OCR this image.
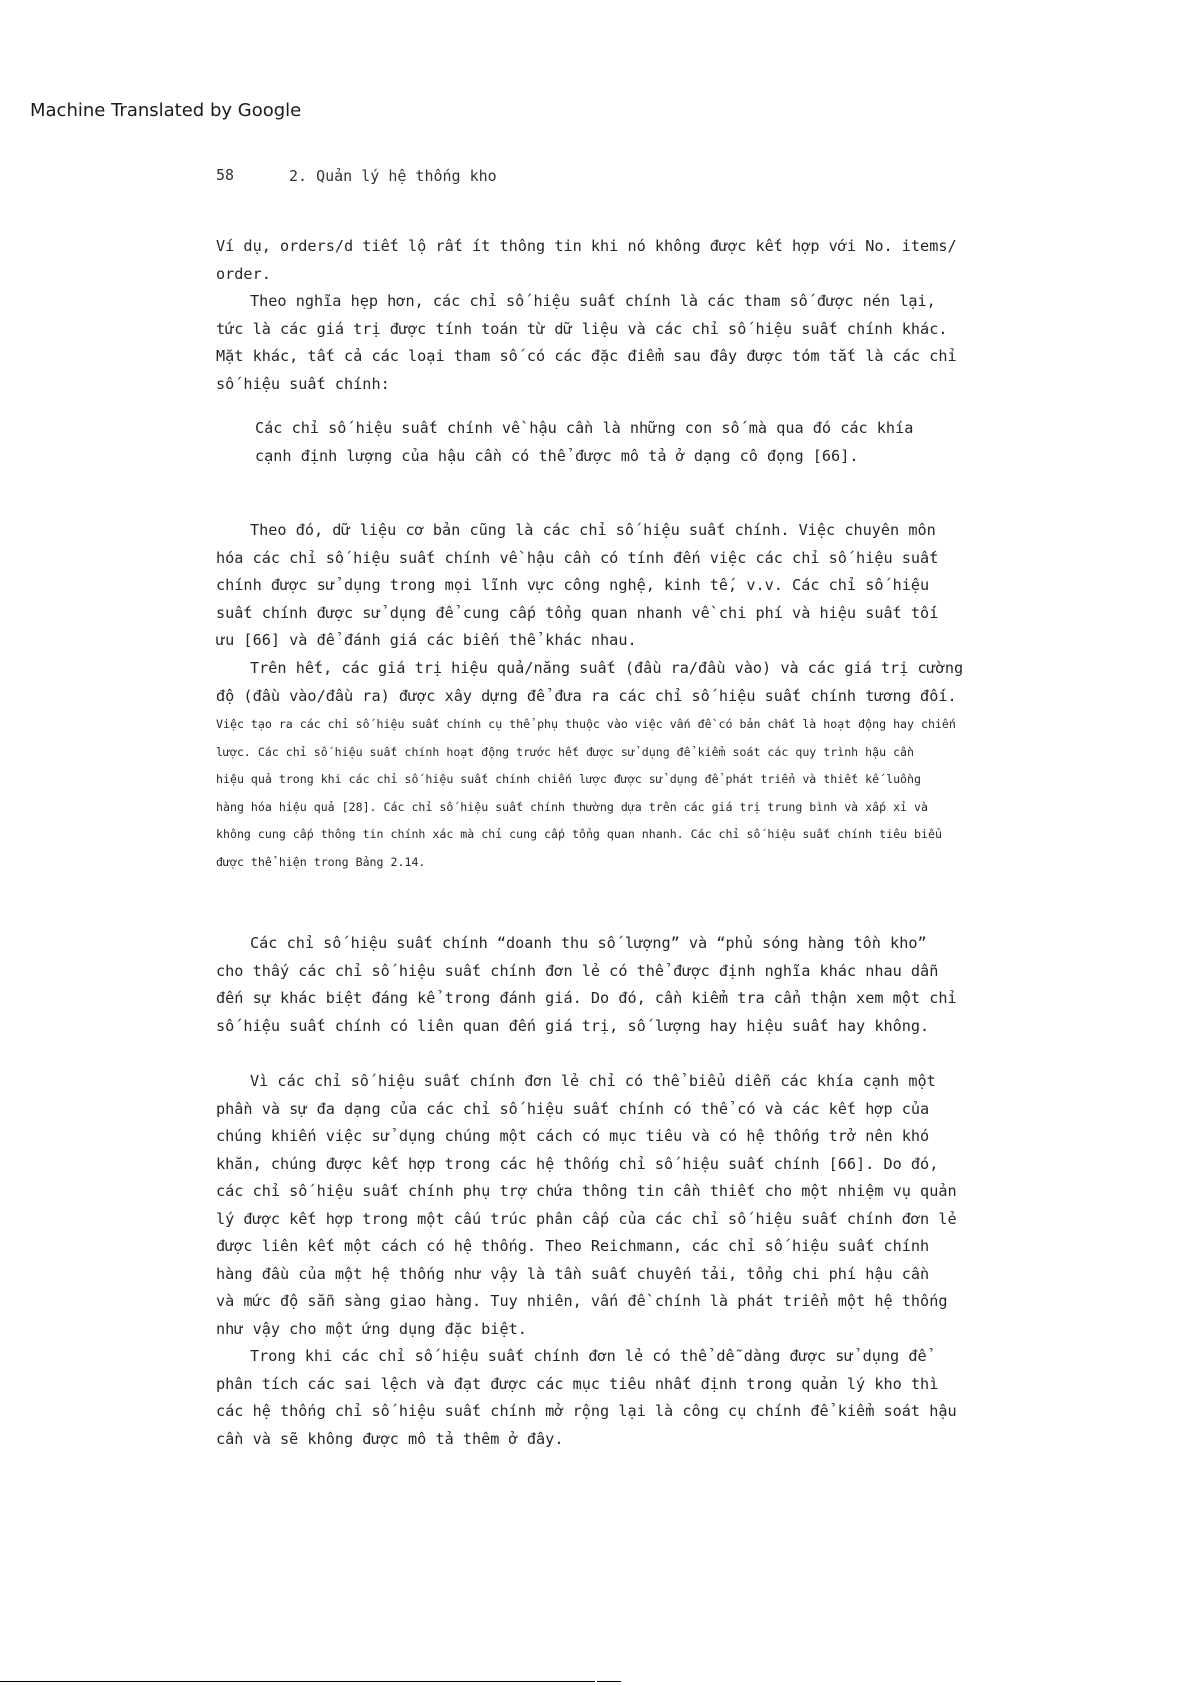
Machine Translated by Google

58	2. Quản lý hệ thống kho

Ví dụ, orders/d tiết lộ rất ít thông tin khi nó không được kết hợp với No. items/
order.

Theo nghĩa hẹp hơn, các chỉ số hiệu suất chính là các tham số được nén lại,
tức là các giá trị được tính toán từ dữ liệu và các chỉ số hiệu suất chính khác.
Mặt khác, tất cả các loại tham số có các đặc điểm sau đây được tóm tắt là các chỉ
số hiệu suất chính:

Các chỉ số hiệu suất chính về hậu cần là những con số mà qua đó các khía
cạnh định lượng của hậu cần có thể được mô tả ở dạng cô đọng [66].

Theo đó, dữ liệu cơ bản cũng là các chỉ số hiệu suất chính. Việc chuyên môn
hóa các chỉ số hiệu suất chính về hậu cần có tính đến việc các chỉ số hiệu suất
chính được sử dụng trong mọi lĩnh vực công nghệ, kinh tế, v.v. Các chỉ số hiệu
suất chính được sử dụng để cung cấp tổng quan nhanh về chi phí và hiệu suất tối
ưu [66] và để đánh giá các biến thể khác nhau.

Trên hết, các giá trị hiệu quả/năng suất (đầu ra/đầu vào) và các giá trị cường
độ (đầu vào/đầu ra) được xây dựng để đưa ra các chỉ số hiệu suất chính tương đối.

Việc tạo ra các chỉ số hiệu suất chính cụ thể phụ thuộc vào việc vấn đề có bản chất là hoạt động hay chiến
lược. Các chỉ số hiệu suất chính hoạt động trước hết được sử dụng để kiểm soát các quy trình hậu cần
hiệu quả trong khi các chỉ số hiệu suất chính chiến lược được sử dụng để phát triển và thiết kế luồng
hàng hóa hiệu quả [28]. Các chỉ số hiệu suất chính thường dựa trên các giá trị trung bình và xấp xỉ và
không cung cấp thông tin chính xác mà chỉ cung cấp tổng quan nhanh. Các chỉ số hiệu suất chính tiêu biểu
được thể hiện trong Bảng 2.14.

Các chỉ số hiệu suất chính “doanh thu số lượng” và “phủ sóng hàng tồn kho”
cho thấy các chỉ số hiệu suất chính đơn lẻ có thể được định nghĩa khác nhau dẫn
đến sự khác biệt đáng kể trong đánh giá. Do đó, cần kiểm tra cẩn thận xem một chỉ
số hiệu suất chính có liên quan đến giá trị, số lượng hay hiệu suất hay không.

Vì các chỉ số hiệu suất chính đơn lẻ chỉ có thể biểu diễn các khía cạnh một
phần và sự đa dạng của các chỉ số hiệu suất chính có thể có và các kết hợp của
chúng khiến việc sử dụng chúng một cách có mục tiêu và có hệ thống trở nên khó
khăn, chúng được kết hợp trong các hệ thống chỉ số hiệu suất chính [66]. Do đó,
các chỉ số hiệu suất chính phụ trợ chứa thông tin cần thiết cho một nhiệm vụ quản
lý được kết hợp trong một cấu trúc phân cấp của các chỉ số hiệu suất chính đơn lẻ
được liên kết một cách có hệ thống. Theo Reichmann, các chỉ số hiệu suất chính
hàng đầu của một hệ thống như vậy là tần suất chuyến tải, tổng chi phí hậu cần
và mức độ sẵn sàng giao hàng. Tuy nhiên, vấn đề chính là phát triển một hệ thống
như vậy cho một ứng dụng đặc biệt.

Trong khi các chỉ số hiệu suất chính đơn lẻ có thể dễ dàng được sử dụng để
phân tích các sai lệch và đạt được các mục tiêu nhất định trong quản lý kho thì
các hệ thống chỉ số hiệu suất chính mở rộng lại là công cụ chính để kiểm soát hậu
cần và sẽ không được mô tả thêm ở đây.
